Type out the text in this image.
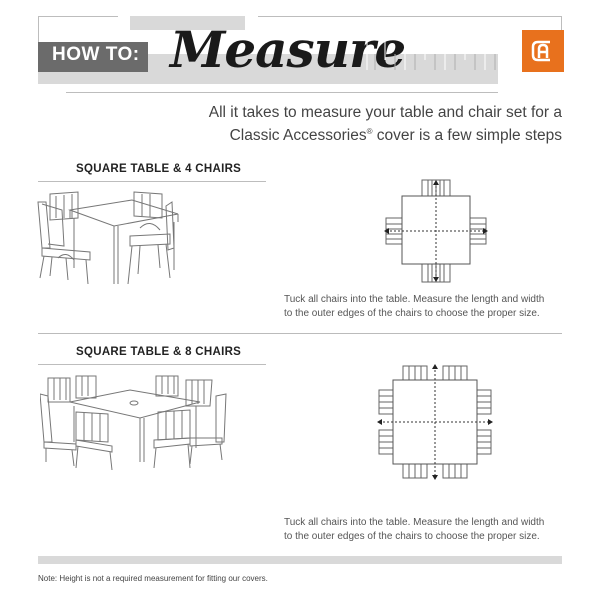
HOW TO: Measure
All it takes to measure your table and chair set for a
Classic Accessories® cover is a few simple steps
SQUARE TABLE & 4 CHAIRS
Tuck all chairs into the table. Measure the length and width
to the outer edges of the chairs to choose the proper size.
SQUARE TABLE & 8 CHAIRS
Tuck all chairs into the table. Measure the length and width
to the outer edges of the chairs to choose the proper size.
Note: Height is not a required measurement for fitting our covers.
